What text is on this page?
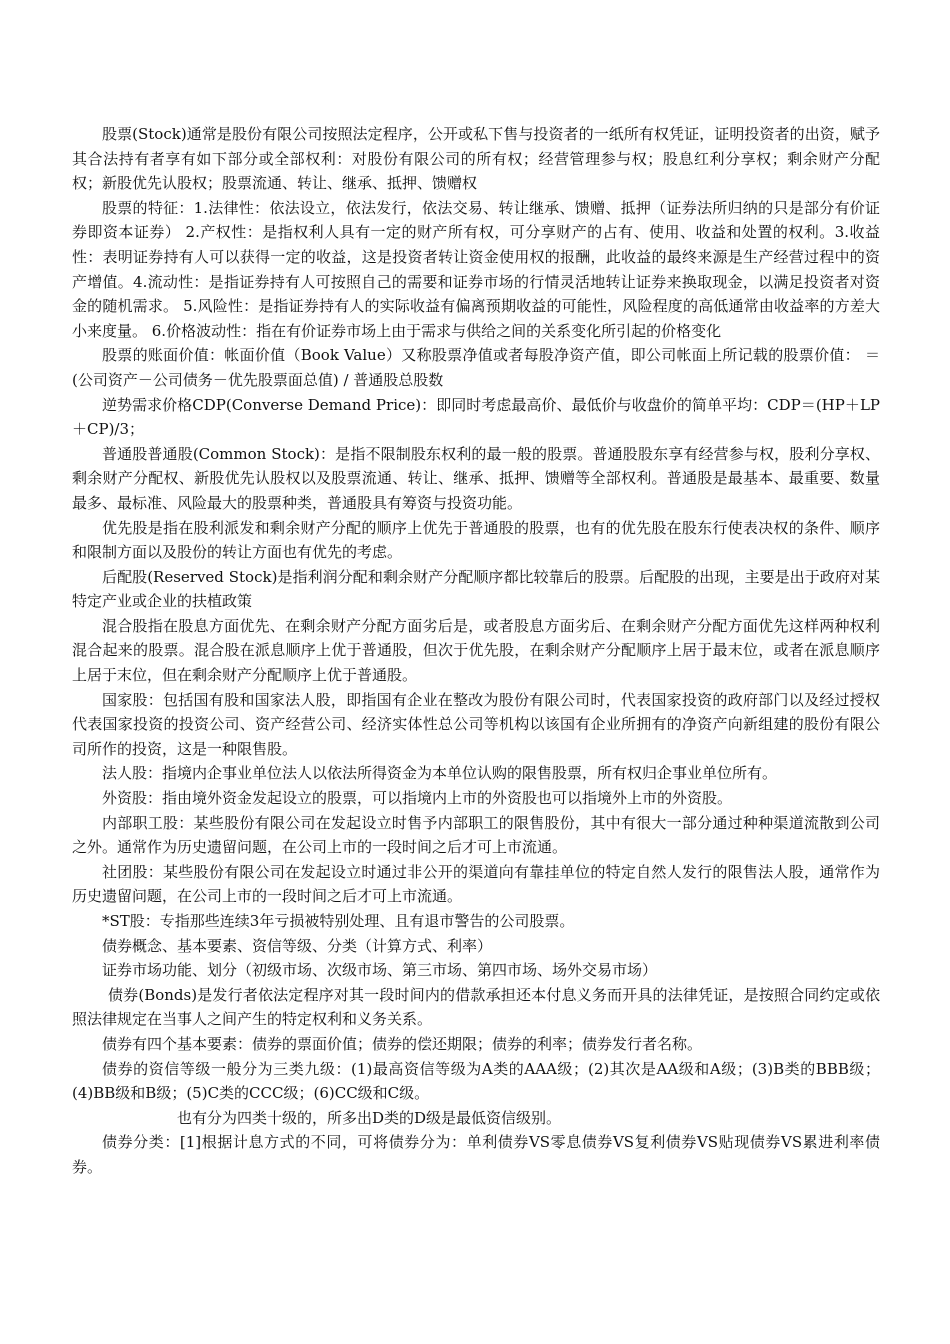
股票(Stock)通常是股份有限公司按照法定程序，公开或私下售与投资者的一纸所有权凭证，证明投资者的出资，赋予其合法持有者享有如下部分或全部权利：对股份有限公司的所有权；经营管理参与权；股息红利分享权；剩余财产分配权；新股优先认股权；股票流通、转让、继承、抵押、馈赠权

股票的特征：1.法律性：依法设立，依法发行，依法交易、转让继承、馈赠、抵押（证券法所归纳的只是部分有价证券即资本证券） 2.产权性：是指权利人具有一定的财产所有权，可分享财产的占有、使用、收益和处置的权利。3.收益性：表明证券持有人可以获得一定的收益，这是投资者转让资金使用权的报酬，此收益的最终来源是生产经营过程中的资产增值。4.流动性：是指证券持有人可按照自己的需要和证券市场的行情灵活地转让证券来换取现金，以满足投资者对资金的随机需求。 5.风险性：是指证券持有人的实际收益有偏离预期收益的可能性，风险程度的高低通常由收益率的方差大小来度量。 6.价格波动性：指在有价证券市场上由于需求与供给之间的关系变化所引起的价格变化

股票的账面价值：帐面价值（Book Value）又称股票净值或者每股净资产值，即公司帐面上所记载的股票价值： ＝(公司资产－公司债务－优先股票面总值) / 普通股总股数

逆势需求价格CDP(Converse Demand Price)：即同时考虑最高价、最低价与收盘价的简单平均：CDP＝(HP＋LP＋CP)/3；

普通股普通股(Common Stock)：是指不限制股东权利的最一般的股票。普通股股东享有经营参与权，股利分享权、剩余财产分配权、新股优先认股权以及股票流通、转让、继承、抵押、馈赠等全部权利。普通股是最基本、最重要、数量最多、最标准、风险最大的股票种类，普通股具有筹资与投资功能。

优先股是指在股利派发和剩余财产分配的顺序上优先于普通股的股票，也有的优先股在股东行使表决权的条件、顺序和限制方面以及股份的转让方面也有优先的考虑。

后配股(Reserved Stock)是指利润分配和剩余财产分配顺序都比较靠后的股票。后配股的出现，主要是出于政府对某特定产业或企业的扶植政策

混合股指在股息方面优先、在剩余财产分配方面劣后是，或者股息方面劣后、在剩余财产分配方面优先这样两种权利混合起来的股票。混合股在派息顺序上优于普通股，但次于优先股，在剩余财产分配顺序上居于最末位，或者在派息顺序上居于末位，但在剩余财产分配顺序上优于普通股。

国家股：包括国有股和国家法人股，即指国有企业在整改为股份有限公司时，代表国家投资的政府部门以及经过授权代表国家投资的投资公司、资产经营公司、经济实体性总公司等机构以该国有企业所拥有的净资产向新组建的股份有限公司所作的投资，这是一种限售股。

法人股：指境内企事业单位法人以依法所得资金为本单位认购的限售股票，所有权归企事业单位所有。

外资股：指由境外资金发起设立的股票，可以指境内上市的外资股也可以指境外上市的外资股。

内部职工股：某些股份有限公司在发起设立时售予内部职工的限售股份，其中有很大一部分通过种种渠道流散到公司之外。通常作为历史遗留问题，在公司上市的一段时间之后才可上市流通。

社团股：某些股份有限公司在发起设立时通过非公开的渠道向有靠挂单位的特定自然人发行的限售法人股，通常作为历史遗留问题，在公司上市的一段时间之后才可上市流通。

*ST股：专指那些连续3年亏损被特别处理、且有退市警告的公司股票。

债券概念、基本要素、资信等级、分类（计算方式、利率）

证券市场功能、划分（初级市场、次级市场、第三市场、第四市场、场外交易市场）

债券(Bonds)是发行者依法定程序对其一段时间内的借款承担还本付息义务而开具的法律凭证，是按照合同约定或依照法律规定在当事人之间产生的特定权利和义务关系。

债券有四个基本要素：债券的票面价值；债券的偿还期限；债券的利率；债券发行者名称。

债券的资信等级一般分为三类九级：(1)最高资信等级为A类的AAA级；(2)其次是AA级和A级；(3)B类的BBB级；(4)BB级和B级；(5)C类的CCC级；(6)CC级和C级。

也有分为四类十级的，所多出D类的D级是最低资信级别。

债券分类：[1]根据计息方式的不同，可将债券分为：单利债券VS零息债券VS复利债券VS贴现债券VS累进利率债券。
